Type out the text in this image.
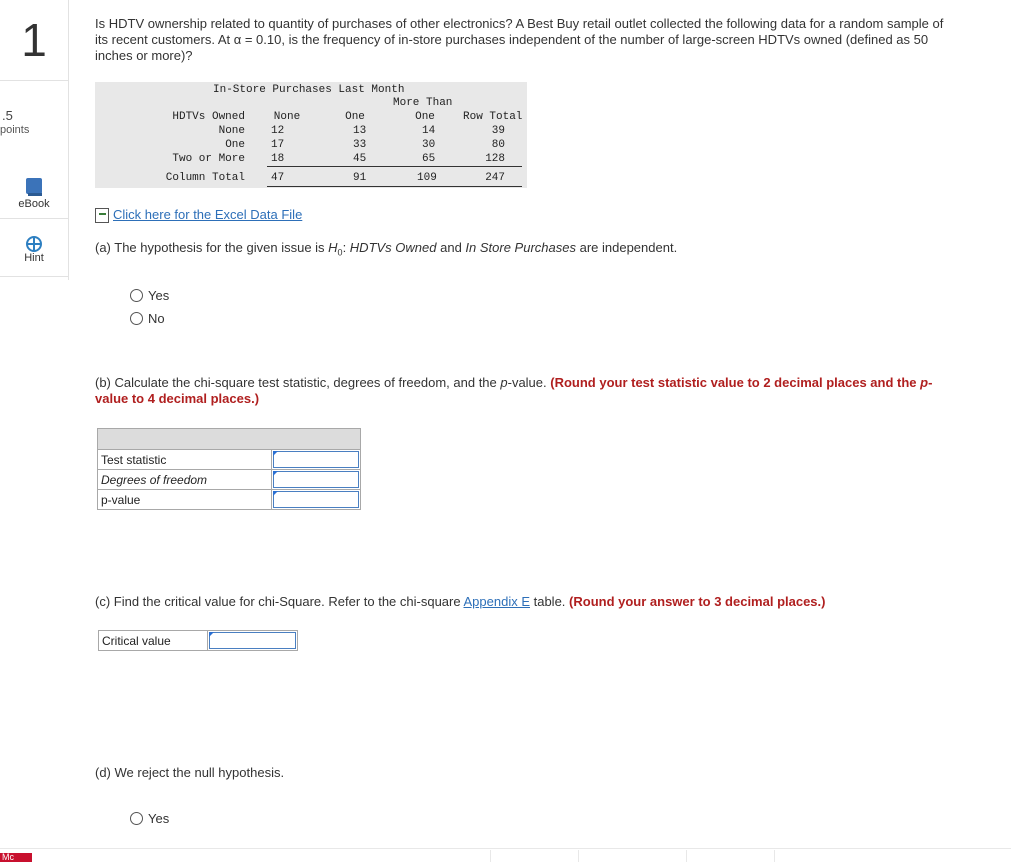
1
.5
points
eBook
Hint
Is HDTV ownership related to quantity of purchases of other electronics? A Best Buy retail outlet collected the following data for a random sample of its recent customers. At α = 0.10, is the frequency of in-store purchases independent of the number of large-screen HDTVs owned (defined as 50 inches or more)?
In-Store Purchases Last Month
More Than
HDTVs Owned	None	One	One	Row Total
None 12	13	14	39
One 17	33	30	80
Two or More 18	45	65	128
Column Total 47	91	109	247
Click here for the Excel Data File
(a) The hypothesis for the given issue is $H_0$: HDTVs Owned and In Store Purchases are independent.
Yes
No
(b) Calculate the chi-square test statistic, degrees of freedom, and the p-value. (Round your test statistic value to 2 decimal places and the p-value to 4 decimal places.)

Test statistic	

Degrees of freedom	

p-value	
(c) Find the critical value for chi-Square. Refer to the chi-square Appendix E table. (Round your answer to 3 decimal places.)
Critical value	
(d) We reject the null hypothesis.
Yes
Mc
